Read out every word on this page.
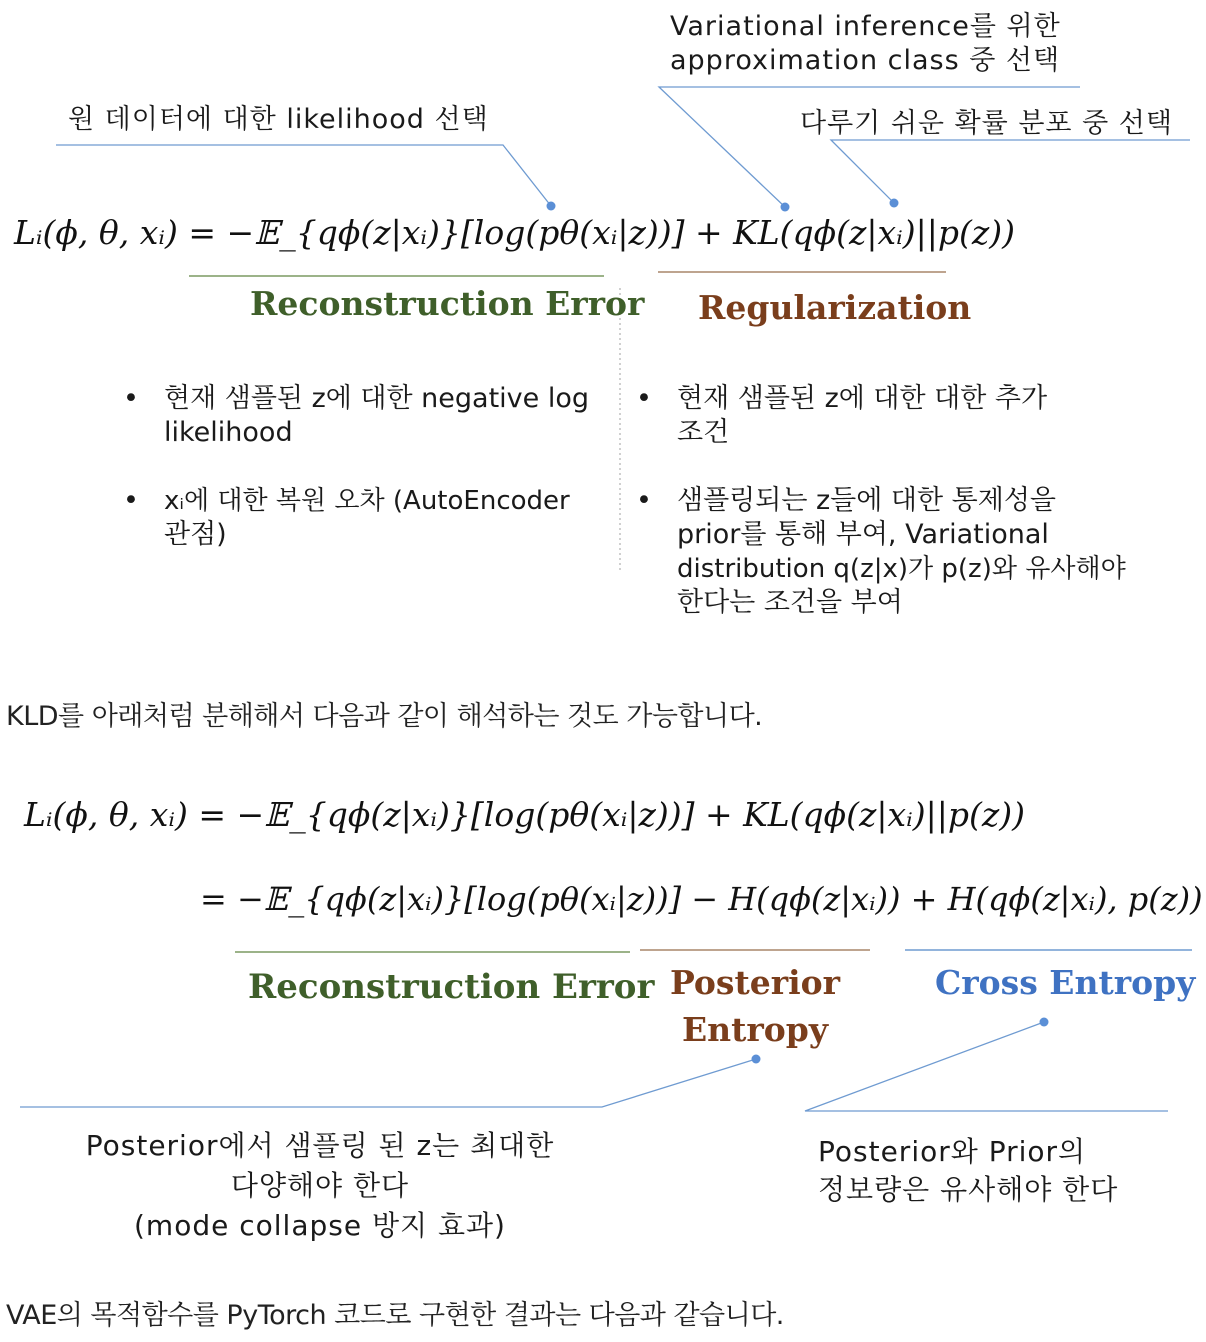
Variational inference를 위한
approximation class 중 선택
원 데이터에 대한 likelihood 선택	다루기 쉬운 확률 분포 중 선택
Lᵢ(ϕ, θ, xᵢ) = −𝔼_{qϕ(z|xᵢ)}[log(pθ(xᵢ|z))] + KL(qϕ(z|xᵢ)||p(z))
Reconstruction Error Regularization
• 현재 샘플된 z에 대한 negative log
likelihood
• xᵢ에 대한 복원 오차 (AutoEncoder
관점)
• 현재 샘플된 z에 대한 대한 추가
조건
• 샘플링되는 z들에 대한 통제성을
prior를 통해 부여, Variational
distribution q(z|x)가 p(z)와 유사해야
한다는 조건을 부여
KLD를 아래처럼 분해해서 다음과 같이 해석하는 것도 가능합니다.
Lᵢ(ϕ, θ, xᵢ) = −𝔼_{qϕ(z|xᵢ)}[log(pθ(xᵢ|z))] + KL(qϕ(z|xᵢ)||p(z))
= −𝔼_{qϕ(z|xᵢ)}[log(pθ(xᵢ|z))] − H(qϕ(z|xᵢ)) + H(qϕ(z|xᵢ), p(z))
Reconstruction Error Posterior
Entropy
Cross Entropy
Posterior에서 샘플링 된 z는 최대한
다양해야 한다
(mode collapse 방지 효과)
Posterior와 Prior의
정보량은 유사해야 한다
VAE의 목적함수를 PyTorch 코드로 구현한 결과는 다음과 같습니다.
